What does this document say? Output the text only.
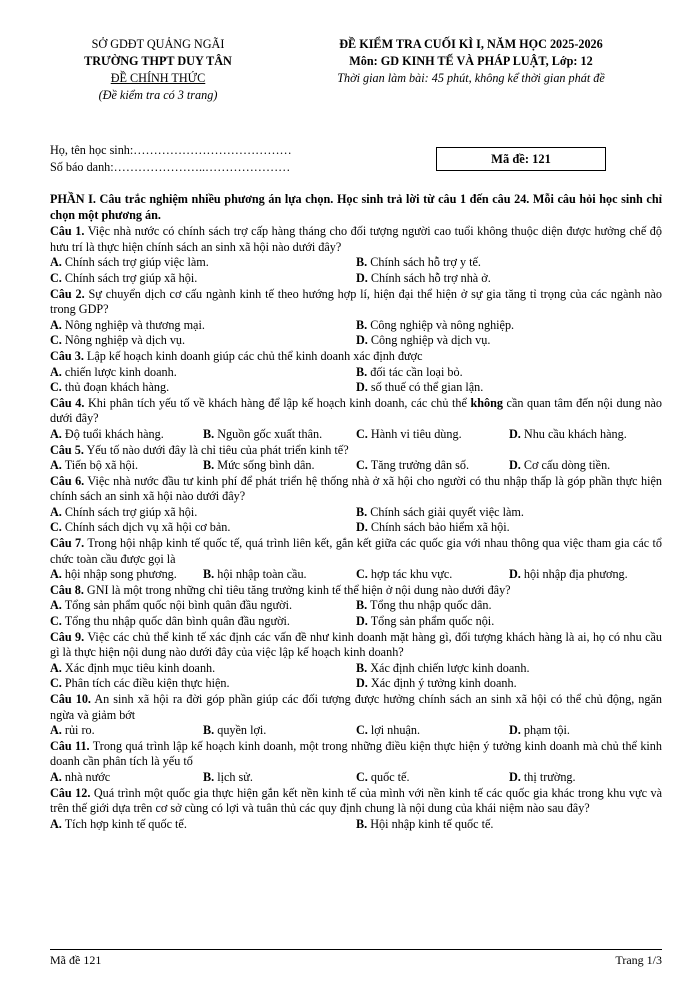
SỞ GDĐT QUẢNG NGÃI
TRƯỜNG THPT DUY TÂN
ĐỀ CHÍNH THỨC
(Đề kiểm tra có 3 trang)
ĐỀ KIỂM TRA CUỐI KÌ I, NĂM HỌC 2025-2026
Môn: GD KINH TẾ VÀ PHÁP LUẬT, Lớp: 12
Thời gian làm bài: 45 phút, không kể thời gian phát đề
Họ, tên học sinh:…………………………………
Số báo danh:…………………..…………………
Mã đề: 121
PHẦN I. Câu trắc nghiệm nhiều phương án lựa chọn. Học sinh trả lời từ câu 1 đến câu 24. Mỗi câu hỏi học sinh chỉ chọn một phương án.
Câu 1. Việc nhà nước có chính sách trợ cấp hàng tháng cho đối tượng người cao tuổi không thuộc diện được hưởng chế độ hưu trí là thực hiện chính sách an sinh xã hội nào dưới đây?
A. Chính sách trợ giúp việc làm.	B. Chính sách hỗ trợ y tế.
C. Chính sách trợ giúp xã hội.	D. Chính sách hỗ trợ nhà ở.
Câu 2. Sự chuyển dịch cơ cấu ngành kinh tế theo hướng hợp lí, hiện đại thể hiện ở sự gia tăng tỉ trọng của các ngành nào trong GDP?
A. Nông nghiệp và thương mại.	B. Công nghiệp và nông nghiệp.
C. Nông nghiệp và dịch vụ.	D. Công nghiệp và dịch vụ.
Câu 3. Lập kế hoạch kinh doanh giúp các chủ thể kinh doanh xác định được
A. chiến lược kinh doanh.	B. đối tác cần loại bỏ.
C. thủ đoạn khách hàng.	D. số thuế có thể gian lận.
Câu 4. Khi phân tích yếu tố về khách hàng để lập kế hoạch kinh doanh, các chủ thể không cần quan tâm đến nội dung nào dưới đây?
A. Độ tuổi khách hàng.	B. Nguồn gốc xuất thân.	C. Hành vi tiêu dùng.	D. Nhu cầu khách hàng.
Câu 5. Yếu tố nào dưới đây là chỉ tiêu của phát triển kinh tế?
A. Tiến bộ xã hội.	B. Mức sống bình dân.	C. Tăng trưởng dân số.	D. Cơ cấu dòng tiền.
Câu 6. Việc nhà nước đầu tư kinh phí để phát triển hệ thống nhà ở xã hội cho người có thu nhập thấp là góp phần thực hiện chính sách an sinh xã hội nào dưới đây?
A. Chính sách trợ giúp xã hội.	B. Chính sách giải quyết việc làm.
C. Chính sách dịch vụ xã hội cơ bản.	D. Chính sách bảo hiểm xã hội.
Câu 7. Trong hội nhập kinh tế quốc tế, quá trình liên kết, gắn kết giữa các quốc gia với nhau thông qua việc tham gia các tổ chức toàn cầu được gọi là
A. hội nhập song phương.	B. hội nhập toàn cầu.	C. hợp tác khu vực.	D. hội nhập địa phương.
Câu 8. GNI là một trong những chỉ tiêu tăng trưởng kinh tế thể hiện ở nội dung nào dưới đây?
A. Tổng sản phẩm quốc nội bình quân đầu người.	B. Tổng thu nhập quốc dân.
C. Tổng thu nhập quốc dân bình quân đầu người.	D. Tổng sản phẩm quốc nội.
Câu 9. Việc các chủ thể kinh tế xác định các vấn đề như kinh doanh mặt hàng gì, đối tượng khách hàng là ai, họ có nhu cầu gì là thực hiện nội dung nào dưới đây của việc lập kế hoạch kinh doanh?
A. Xác định mục tiêu kinh doanh.	B. Xác định chiến lược kinh doanh.
C. Phân tích các điều kiện thực hiện.	D. Xác định ý tưởng kinh doanh.
Câu 10. An sinh xã hội ra đời góp phần giúp các đối tượng được hưởng chính sách an sinh xã hội có thể chủ động, ngăn ngừa và giảm bớt
A. rủi ro.	B. quyền lợi.	C. lợi nhuận.	D. phạm tội.
Câu 11. Trong quá trình lập kế hoạch kinh doanh, một trong những điều kiện thực hiện ý tưởng kinh doanh mà chủ thể kinh doanh cần phân tích là yếu tố
A. nhà nước	B. lịch sử.	C. quốc tế.	D. thị trường.
Câu 12. Quá trình một quốc gia thực hiện gắn kết nền kinh tế của mình với nền kinh tế các quốc gia khác trong khu vực và trên thế giới dựa trên cơ sở cùng có lợi và tuân thủ các quy định chung là nội dung của khái niệm nào sau đây?
A. Tích hợp kinh tế quốc tế.	B. Hội nhập kinh tế quốc tế.
Mã đề 121	Trang 1/3
